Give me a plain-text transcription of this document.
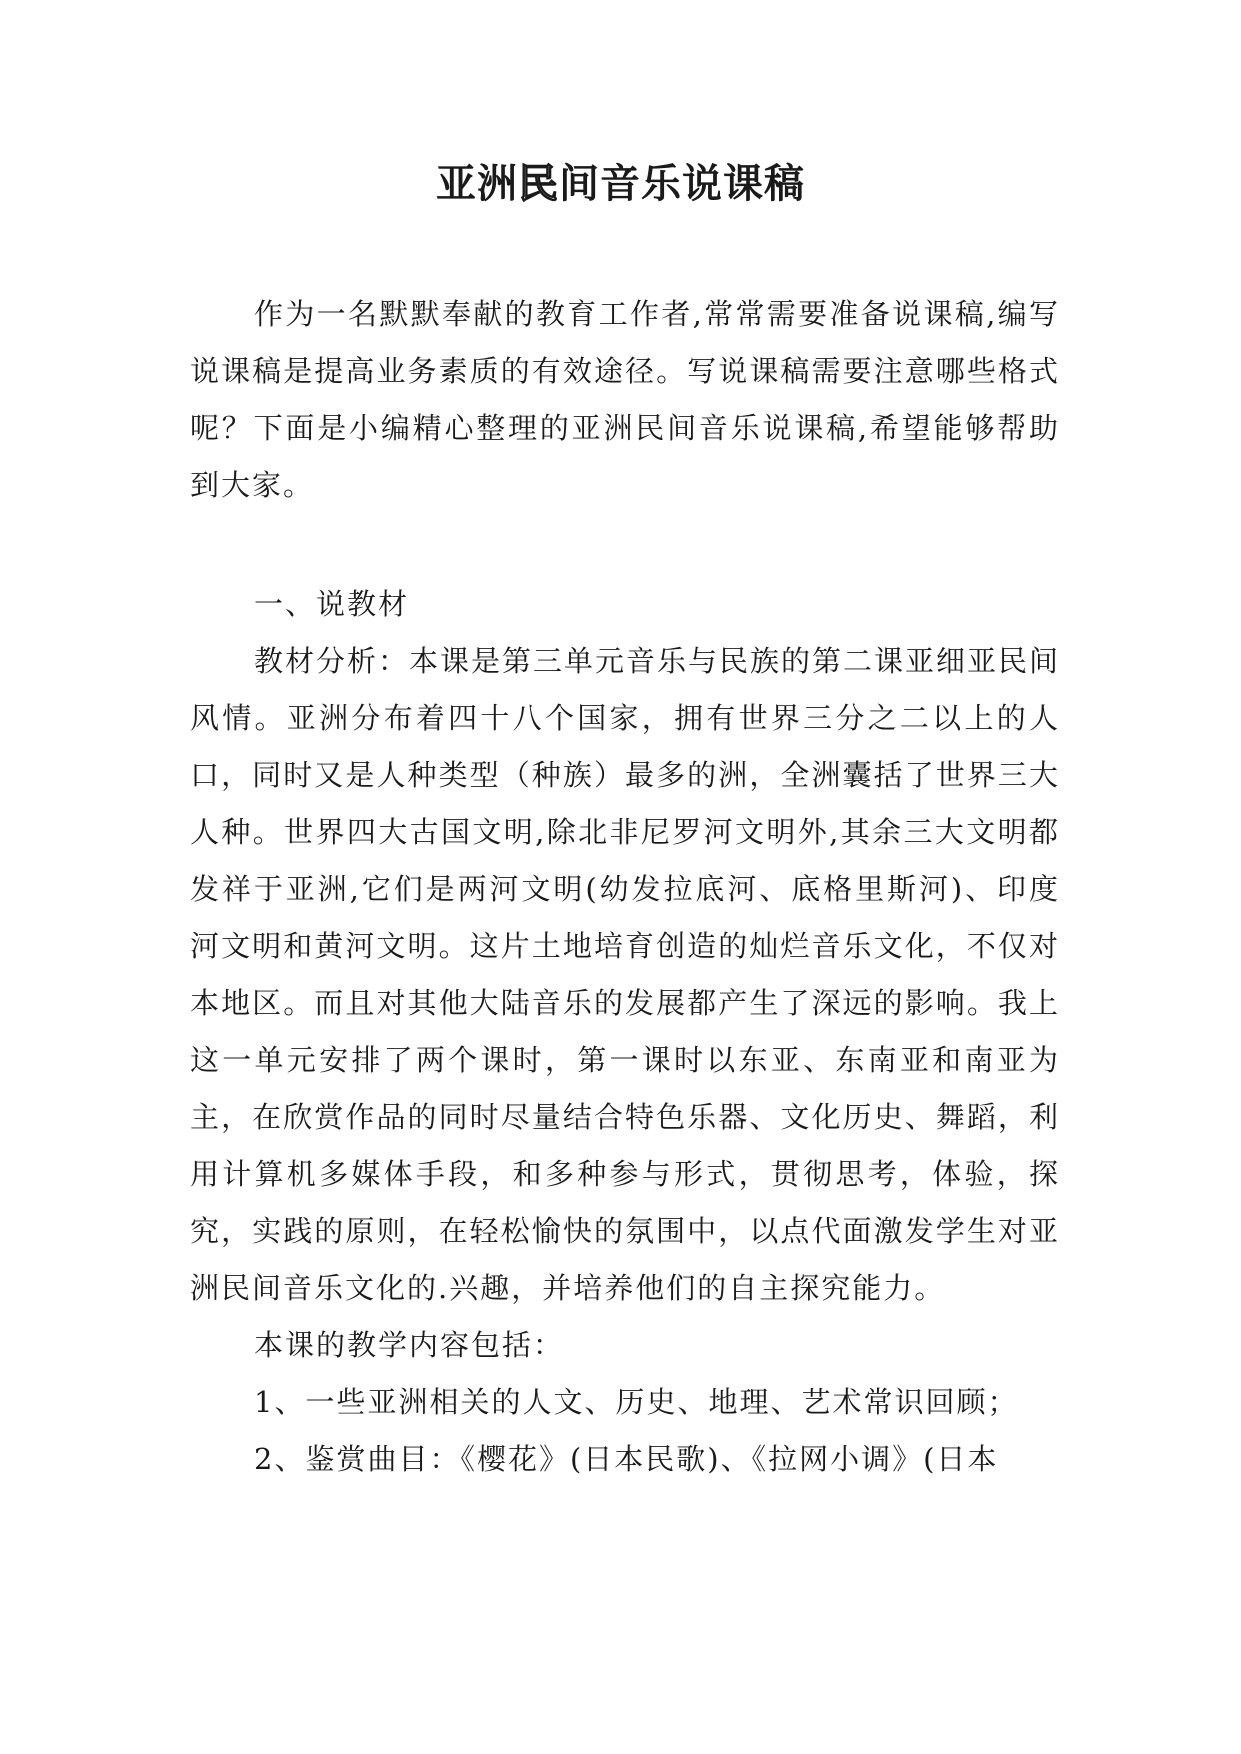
亚洲民间音乐说课稿

作为一名默默奉献的教育工作者,常常需要准备说课稿,编写说课稿是提高业务素质的有效途径。写说课稿需要注意哪些格式呢？下面是小编精心整理的亚洲民间音乐说课稿,希望能够帮助到大家。

一、说教材

教材分析：本课是第三单元音乐与民族的第二课亚细亚民间风情。亚洲分布着四十八个国家，拥有世界三分之二以上的人口，同时又是人种类型（种族）最多的洲，全洲囊括了世界三大人种。世界四大古国文明,除北非尼罗河文明外,其余三大文明都发祥于亚洲,它们是两河文明(幼发拉底河、底格里斯河)、印度河文明和黄河文明。这片土地培育创造的灿烂音乐文化，不仅对本地区。而且对其他大陆音乐的发展都产生了深远的影响。我上这一单元安排了两个课时，第一课时以东亚、东南亚和南亚为主，在欣赏作品的同时尽量结合特色乐器、文化历史、舞蹈，利用计算机多媒体手段，和多种参与形式，贯彻思考，体验，探究，实践的原则，在轻松愉快的氛围中，以点代面激发学生对亚洲民间音乐文化的.兴趣，并培养他们的自主探究能力。

本课的教学内容包括：

1、一些亚洲相关的人文、历史、地理、艺术常识回顾；

2、鉴赏曲目：《樱花》(日本民歌)、《拉网小调》(日本
